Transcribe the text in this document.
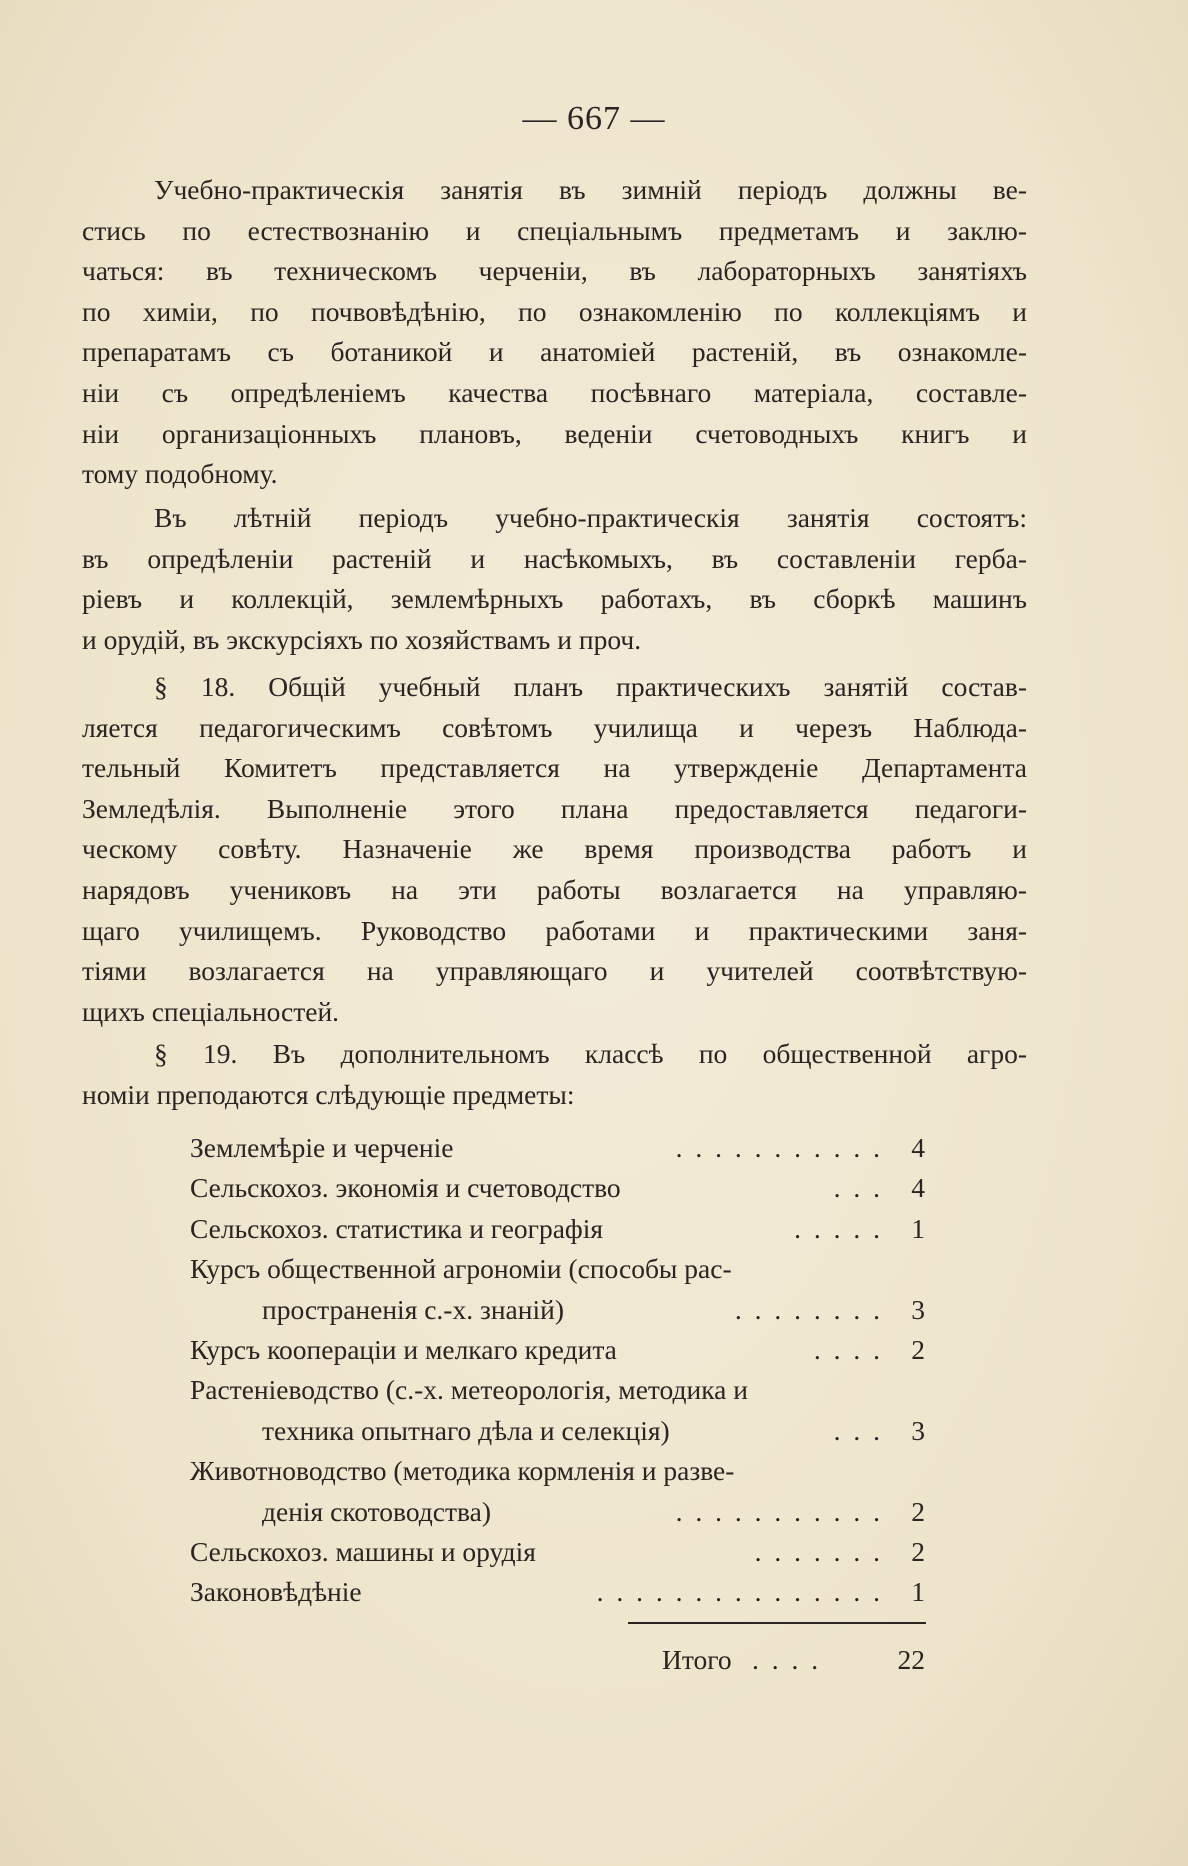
— 667 —
Учебно-практическія занятія въ зимній періодъ должны ве-
стись по естествознанію и спеціальнымъ предметамъ и заклю-
чаться: въ техническомъ черченіи, въ лабораторныхъ занятіяхъ
по химіи, по почвовѣдѣнію, по ознакомленію по коллекціямъ и
препаратамъ съ ботаникой и анатоміей растеній, въ ознакомле-
ніи съ опредѣленіемъ качества посѣвнаго матеріала, составле-
ніи организаціонныхъ плановъ, веденіи счетоводныхъ книгъ и
тому подобному.
Въ лѣтній періодъ учебно-практическія занятія состоятъ:
въ опредѣленіи растеній и насѣкомыхъ, въ составленіи герба-
ріевъ и коллекцій, землемѣрныхъ работахъ, въ сборкѣ машинъ
и орудій, въ экскурсіяхъ по хозяйствамъ и проч.
§ 18. Общій учебный планъ практическихъ занятій состав-
ляется педагогическимъ совѣтомъ училища и черезъ Наблюда-
тельный Комитетъ представляется на утвержденіе Департамента
Земледѣлія. Выполненіе этого плана предоставляется педагоги-
ческому совѣту. Назначеніе же время производства работъ и
нарядовъ учениковъ на эти работы возлагается на управляю-
щаго училищемъ. Руководство работами и практическими заня-
тіями возлагается на управляющаго и учителей соотвѣтствую-
щихъ спеціальностей.
§ 19. Въ дополнительномъ классѣ по общественной агро-
номіи преподаются слѣдующіе предметы:
Землемѣріе и черченіе	. . . . . . . . . . .	4
Сельскохоз. экономія и счетоводство	. . .	4
Сельскохоз. статистика и географія	. . . . .	1
Курсъ общественной агрономіи (способы рас-
пространенія с.-х. знаній)	. . . . . . . .	3
Курсъ коопераціи и мелкаго кредита	. . . .	2
Растеніеводство (с.-х. метеорологія, методика и
техника опытнаго дѣла и селекція)	. . .	3
Животноводство (методика кормленія и разве-
денія скотоводства)	. . . . . . . . . . .	2
Сельскохоз. машины и орудія	. . . . . . .	2
Законовѣдѣніе	. . . . . . . . . . . . . . .	1
Итого . . . .	22
